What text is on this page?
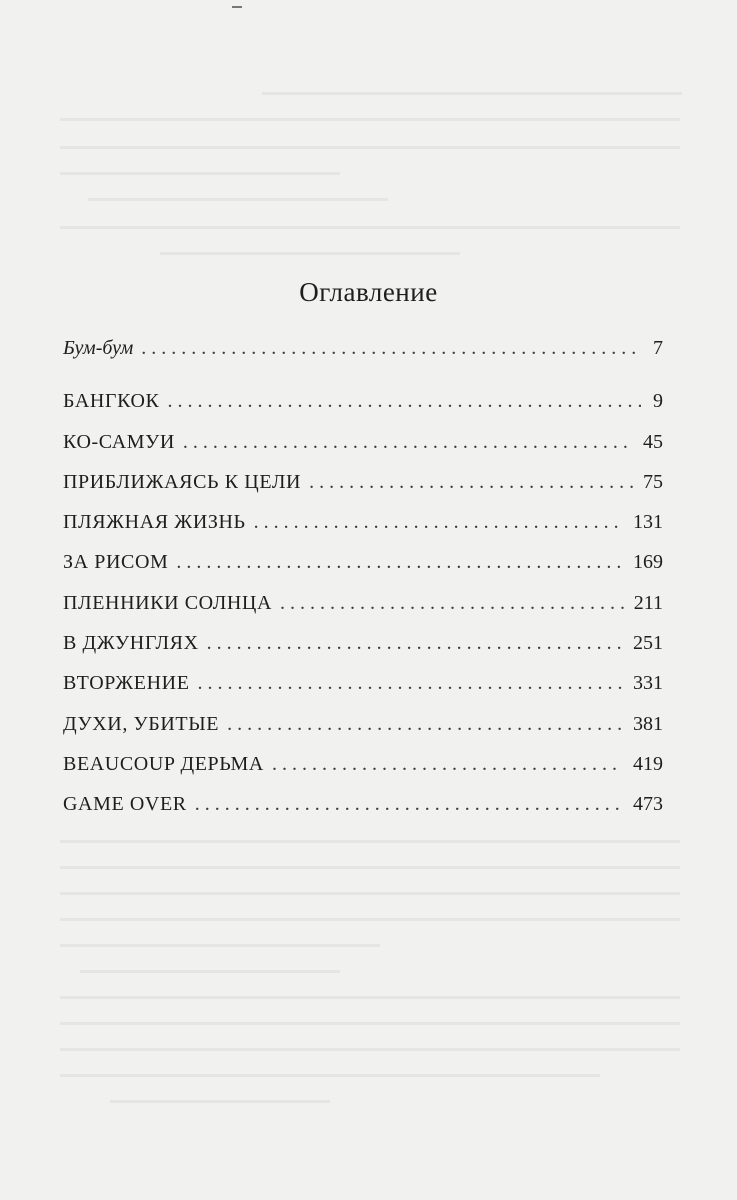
Оглавление
Бум-бум . . .	7
БАНГКОК . . .	9
КО-САМУИ . . .	45
ПРИБЛИЖАЯСЬ К ЦЕЛИ . . .	75
ПЛЯЖНАЯ ЖИЗНЬ . . .	131
ЗА РИСОМ . . .	169
ПЛЕННИКИ СОЛНЦА . . .	211
В ДЖУНГЛЯХ . . .	251
ВТОРЖЕНИЕ . . .	331
ДУХИ, УБИТЫЕ . . .	381
BEAUCOUP ДЕРЬМА . . .	419
GAME OVER . . .	473
